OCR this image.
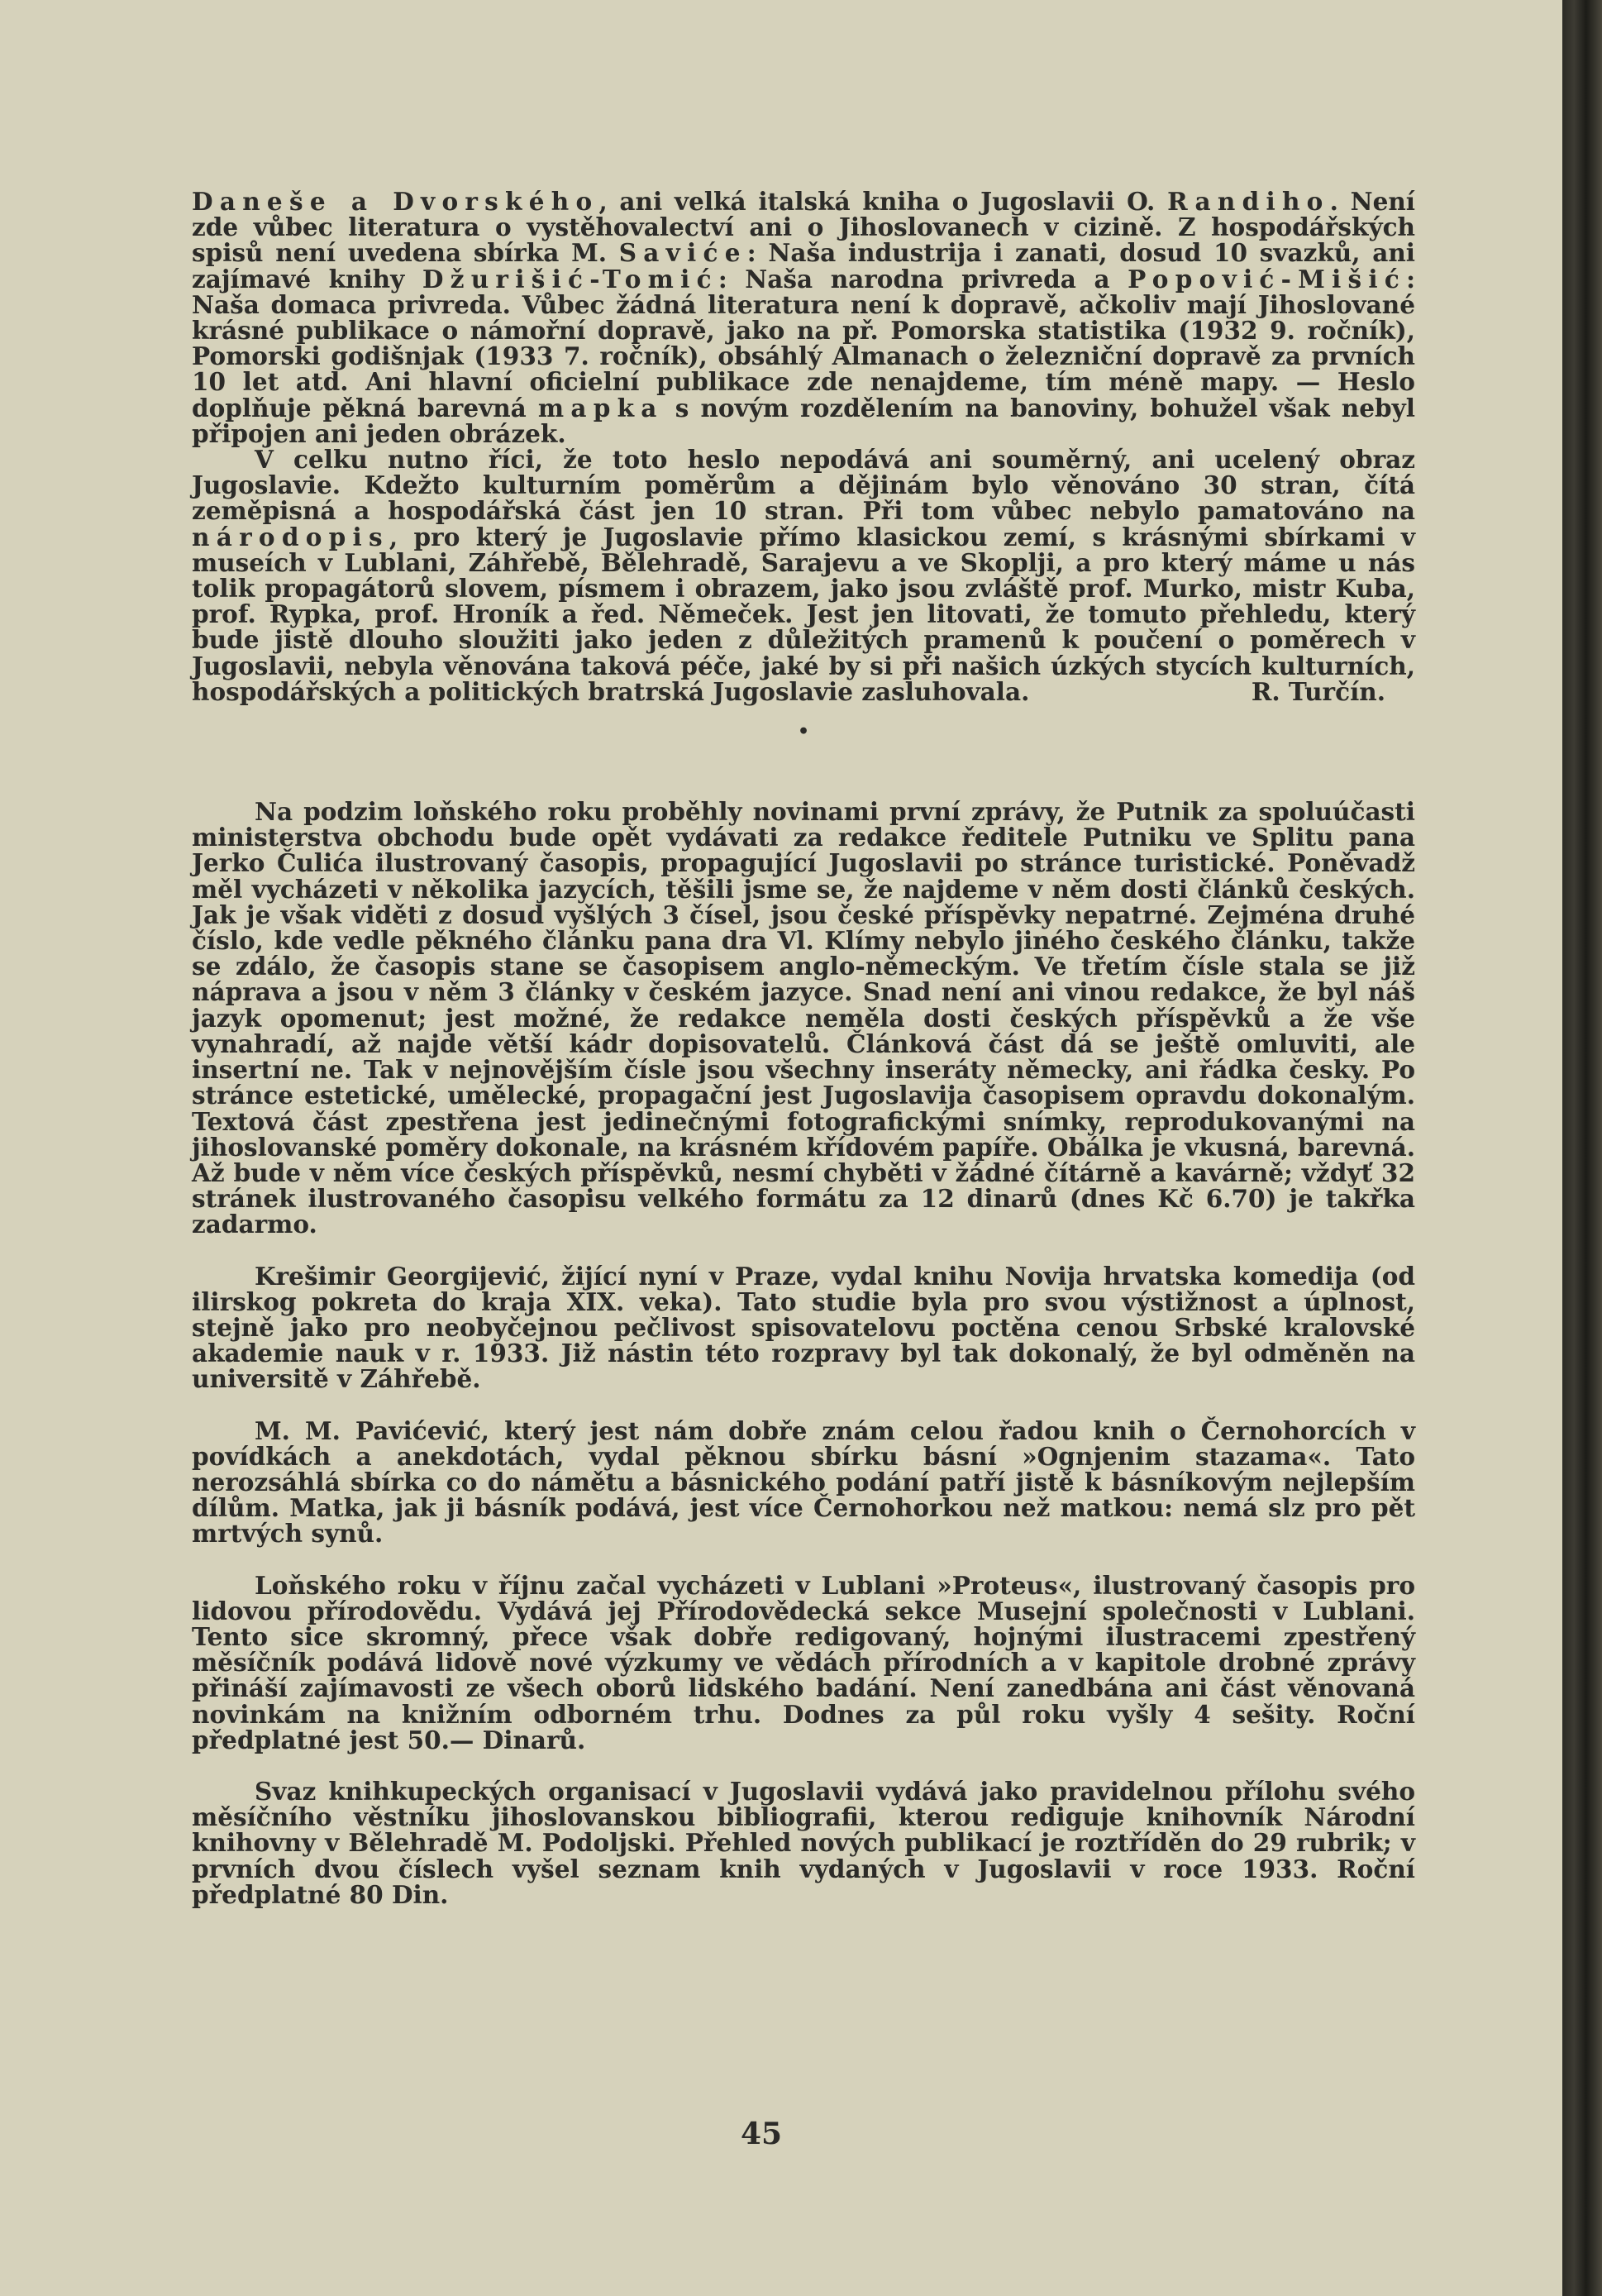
Daneše a Dvorského, ani velká italská kniha o Jugoslavii O. Randiho. Není zde vůbec literatura o vystěhovalectví ani o Jihoslovanech v cizině. Z hospodářských spisů není uvedena sbírka M. Saviće: Naša industrija i zanati, dosud 10 svazků, ani zajímavé knihy Džurišić-Tomić: Naša narodna privreda a Popović-Mišić: Naša domaca privreda. Vůbec žádná literatura není k dopravě, ačkoliv mají Jihoslované krásné publikace o námořní dopravě, jako na př. Pomorska statistika (1932 9. ročník), Pomorski godišnjak (1933 7. ročník), obsáhlý Almanach o železniční dopravě za prvních 10 let atd. Ani hlavní oficielní publikace zde nenajdeme, tím méně mapy. — Heslo doplňuje pěkná barevná mapka s novým rozdělením na banoviny, bohužel však nebyl připojen ani jeden obrázek.

V celku nutno říci, že toto heslo nepodává ani souměrný, ani ucelený obraz Jugoslavie. Kdežto kulturním poměrům a dějinám bylo věnováno 30 stran, čítá zeměpisná a hospodářská část jen 10 stran. Při tom vůbec nebylo pamatováno na národopis, pro který je Jugoslavie přímo klasickou zemí, s krásnými sbírkami v museích v Lublani, Záhřebě, Bělehradě, Sarajevu a ve Skoplji, a pro který máme u nás tolik propagátorů slovem, písmem i obrazem, jako jsou zvláště prof. Murko, mistr Kuba, prof. Rypka, prof. Hroník a řed. Němeček. Jest jen litovati, že tomuto přehledu, který bude jistě dlouho sloužiti jako jeden z důležitých pramenů k poučení o poměrech v Jugoslavii, nebyla věnována taková péče, jaké by si při našich úzkých stycích kulturních, hospodářských a politických bratrská Jugoslavie zasluhovala.	R. Turčín.

•

Na podzim loňského roku proběhly novinami první zprávy, že Putnik za spoluúčasti ministerstva obchodu bude opět vydávati za redakce ředitele Putniku ve Splitu pana Jerko Čulića ilustrovaný časopis, propagující Jugoslavii po stránce turistické. Poněvadž měl vycházeti v několika jazycích, těšili jsme se, že najdeme v něm dosti článků českých. Jak je však viděti z dosud vyšlých 3 čísel, jsou české příspěvky nepatrné. Zejména druhé číslo, kde vedle pěkného článku pana dra Vl. Klímy nebylo jiného českého článku, takže se zdálo, že časopis stane se časopisem anglo-německým. Ve třetím čísle stala se již náprava a jsou v něm 3 články v českém jazyce. Snad není ani vinou redakce, že byl náš jazyk opomenut; jest možné, že redakce neměla dosti českých příspěvků a že vše vynahradí, až najde větší kádr dopisovatelů. Článková část dá se ještě omluviti, ale insertní ne. Tak v nejnovějším čísle jsou všechny inseráty německy, ani řádka česky. Po stránce estetické, umělecké, propagační jest Jugoslavija časopisem opravdu dokonalým. Textová část zpestřena jest jedinečnými fotografickými snímky, reprodukovanými na jihoslovanské poměry dokonale, na krásném křídovém papíře. Obálka je vkusná, barevná. Až bude v něm více českých příspěvků, nesmí chyběti v žádné čítárně a kavárně; vždyť 32 stránek ilustrovaného časopisu velkého formátu za 12 dinarů (dnes Kč 6.70) je takřka zadarmo.

Krešimir Georgijević, žijící nyní v Praze, vydal knihu Novija hrvatska komedija (od ilirskog pokreta do kraja XIX. veka). Tato studie byla pro svou výstižnost a úplnost, stejně jako pro neobyčejnou pečlivost spisovatelovu poctěna cenou Srbské kralovské akademie nauk v r. 1933. Již nástin této rozpravy byl tak dokonalý, že byl odměněn na universitě v Záhřebě.

M. M. Pavićević, který jest nám dobře znám celou řadou knih o Černohorcích v povídkách a anekdotách, vydal pěknou sbírku básní »Ognjenim stazama«. Tato nerozsáhlá sbírka co do námětu a básnického podání patří jistě k básníkovým nejlepším dílům. Matka, jak ji básník podává, jest více Černohorkou než matkou: nemá slz pro pět mrtvých synů.

Loňského roku v říjnu začal vycházeti v Lublani »Proteus«, ilustrovaný časopis pro lidovou přírodovědu. Vydává jej Přírodovědecká sekce Musejní společnosti v Lublani. Tento sice skromný, přece však dobře redigovaný, hojnými ilustracemi zpestřený měsíčník podává lidově nové výzkumy ve vědách přírodních a v kapitole drobné zprávy přináší zajímavosti ze všech oborů lidského badání. Není zanedbána ani část věnovaná novinkám na knižním odborném trhu. Dodnes za půl roku vyšly 4 sešity. Roční předplatné jest 50.— Dinarů.

Svaz knihkupeckých organisací v Jugoslavii vydává jako pravidelnou přílohu svého měsíčního věstníku jihoslovanskou bibliografii, kterou rediguje knihovník Národní knihovny v Bělehradě M. Podoljski. Přehled nových publikací je roztříděn do 29 rubrik; v prvních dvou číslech vyšel seznam knih vydaných v Jugoslavii v roce 1933. Roční předplatné 80 Din.

45
